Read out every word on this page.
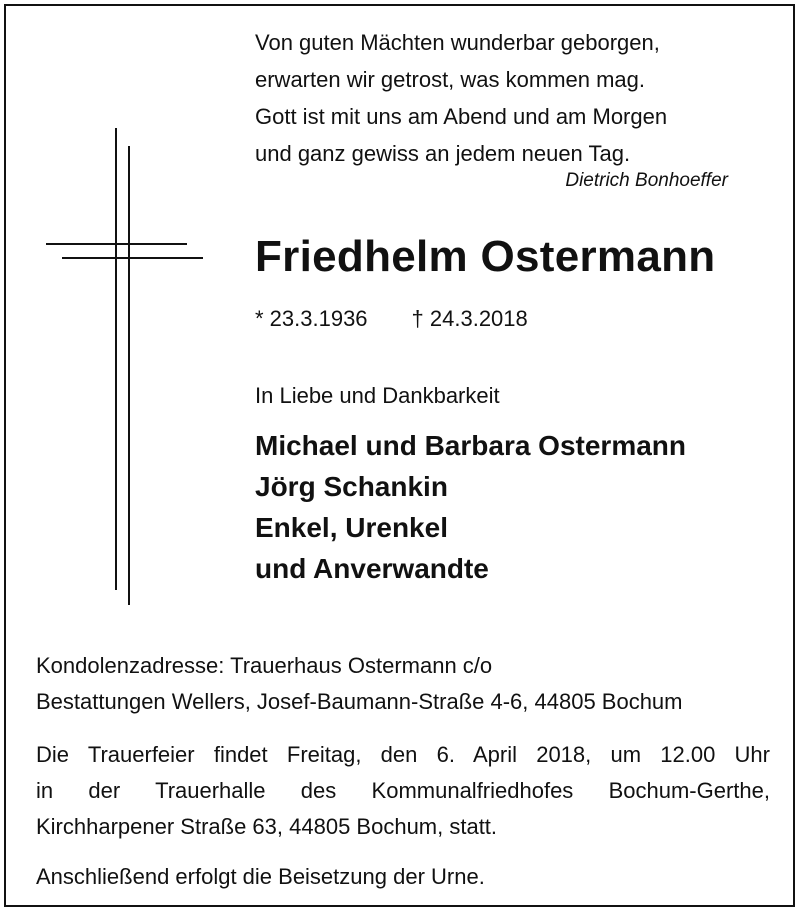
Von guten Mächten wunderbar geborgen,
erwarten wir getrost, was kommen mag.
Gott ist mit uns am Abend und am Morgen
und ganz gewiss an jedem neuen Tag.
Dietrich Bonhoeffer
Friedhelm Ostermann
* 23.3.1936 † 24.3.2018
In Liebe und Dankbarkeit
Michael und Barbara Ostermann
Jörg Schankin
Enkel, Urenkel
und Anverwandte
Kondolenzadresse: Trauerhaus Ostermann c/o
Bestattungen Wellers, Josef-Baumann-Straße 4-6, 44805 Bochum
Die Trauerfeier findet Freitag, den 6. April 2018, um 12.00 Uhr
in der Trauerhalle des Kommunalfriedhofes Bochum-Gerthe,
Kirchharpener Straße 63, 44805 Bochum, statt.
Anschließend erfolgt die Beisetzung der Urne.
